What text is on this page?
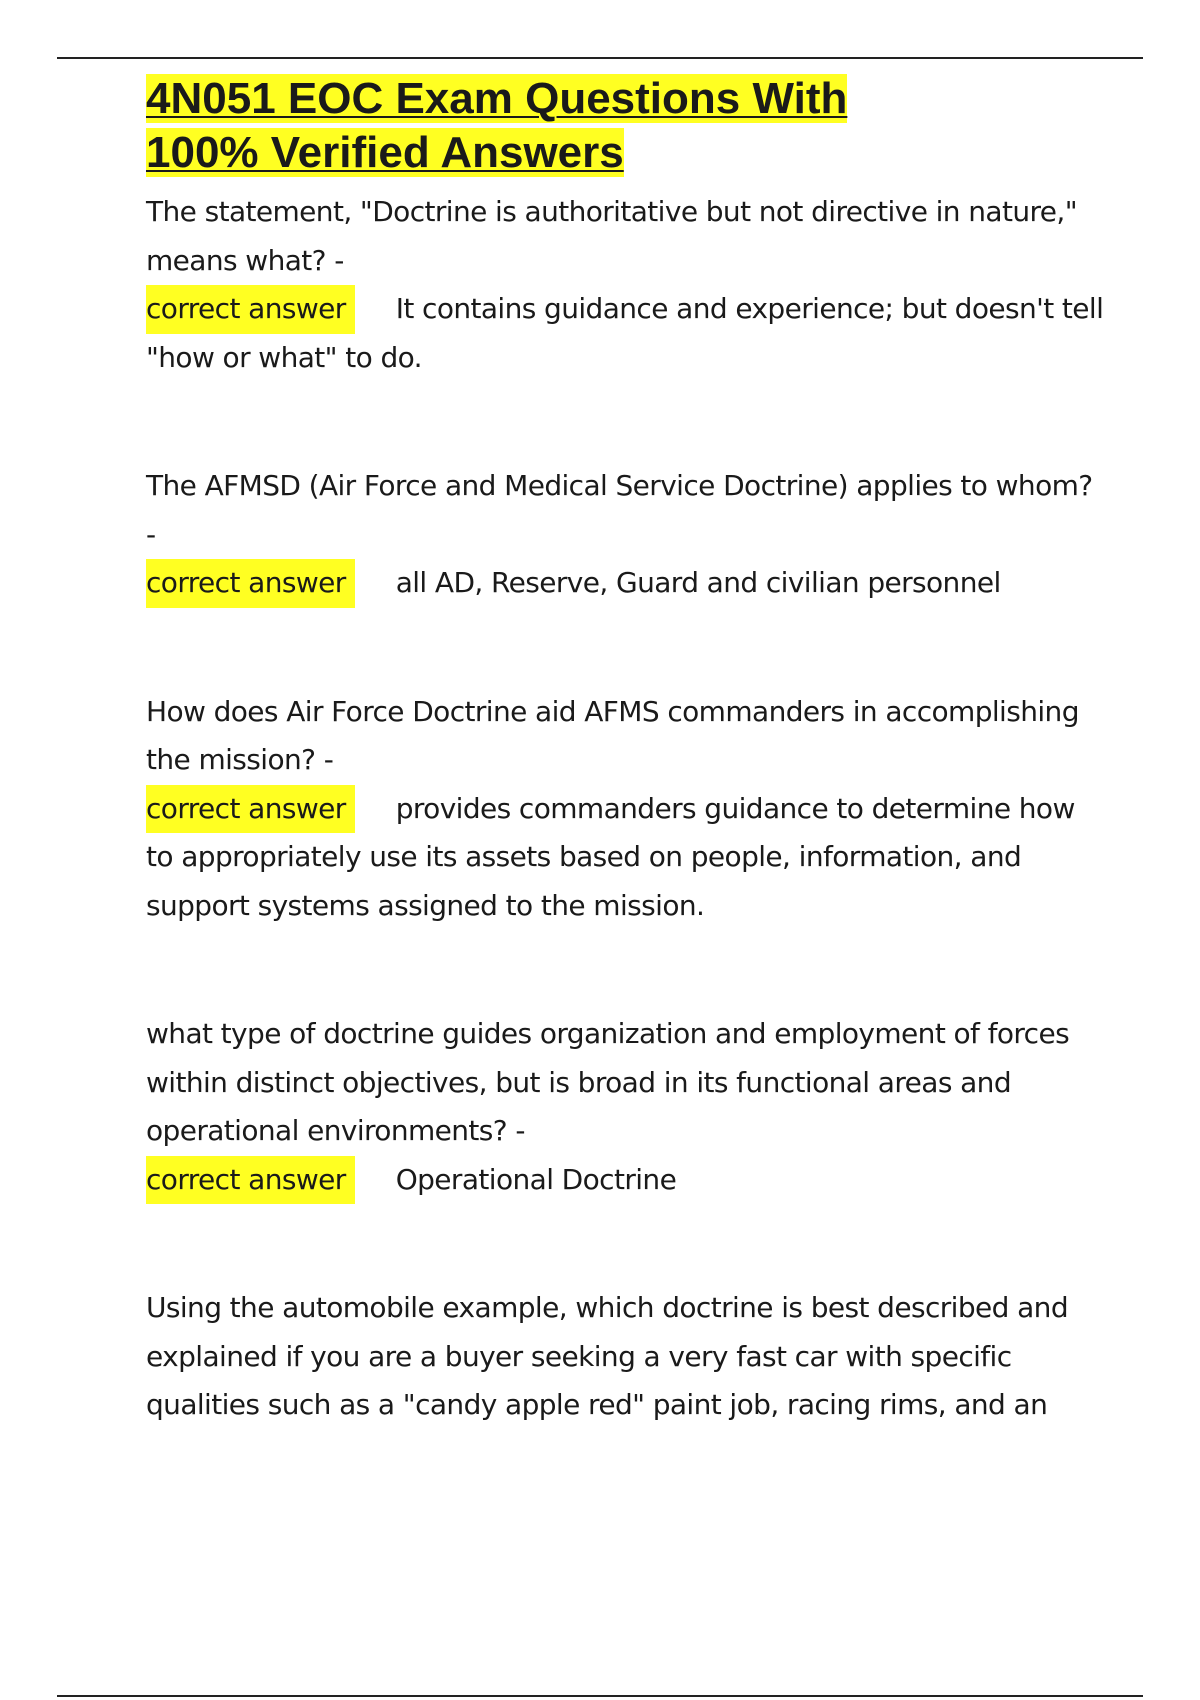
4N051 EOC Exam Questions With
100% Verified Answers

The statement, "Doctrine is authoritative but not directive in nature," means what? -

correct answer It contains guidance and experience; but doesn't tell "how or what" to do.

The AFMSD (Air Force and Medical Service Doctrine) applies to whom? -

correct answer all AD, Reserve, Guard and civilian personnel

How does Air Force Doctrine aid AFMS commanders in accomplishing the mission? -

correct answer provides commanders guidance to determine how to appropriately use its assets based on people, information, and support systems assigned to the mission.

what type of doctrine guides organization and employment of forces within distinct objectives, but is broad in its functional areas and operational environments? -

correct answer Operational Doctrine

Using the automobile example, which doctrine is best described and explained if you are a buyer seeking a very fast car with specific qualities such as a "candy apple red" paint job, racing rims, and an
